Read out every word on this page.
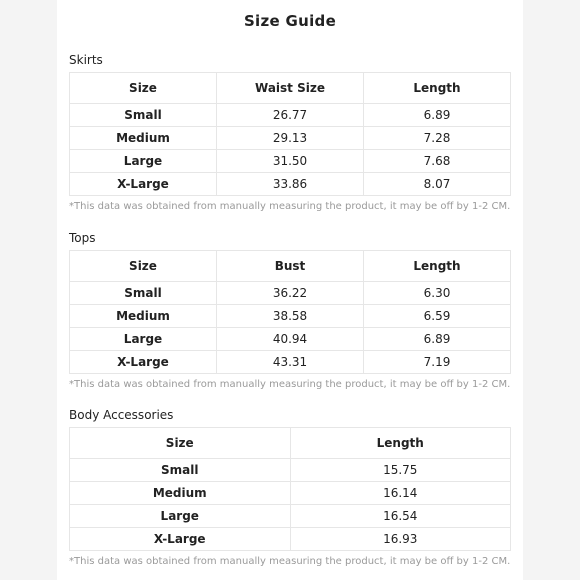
Size Guide
Skirts
Size	Waist Size	Length
Small	26.77	6.89
Medium	29.13	7.28
Large	31.50	7.68
X-Large	33.86	8.07
*This data was obtained from manually measuring the product, it may be off by 1-2 CM.
Tops
Size	Bust	Length
Small	36.22	6.30
Medium	38.58	6.59
Large	40.94	6.89
X-Large	43.31	7.19
*This data was obtained from manually measuring the product, it may be off by 1-2 CM.
Body Accessories
Size	Length
Small	15.75
Medium	16.14
Large	16.54
X-Large	16.93
*This data was obtained from manually measuring the product, it may be off by 1-2 CM.
